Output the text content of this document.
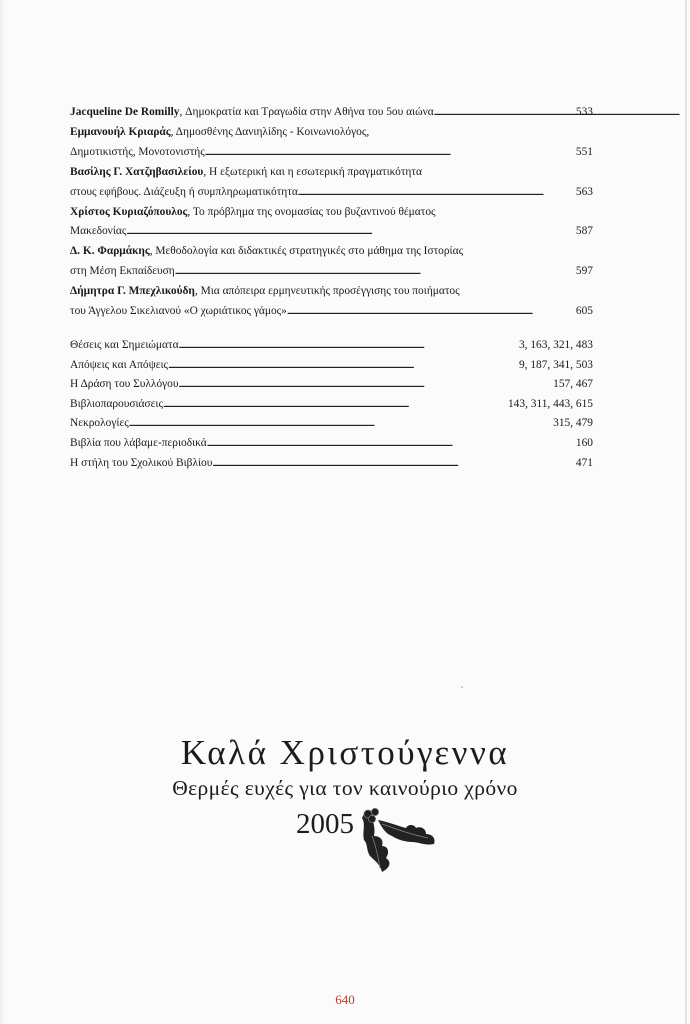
Jacqueline De Romilly, Δημοκρατία και Τραγωδία στην Αθήνα του 5ου αιώνα . . .	533
Εμμανουήλ Κριαράς, Δημοσθένης Δανιηλίδης - Κοινωνιολόγος,
Δημοτικιστής, Μονοτονιστής . . .	551
Βασίλης Γ. Χατζηβασιλείου, Η εξωτερική και η εσωτερική πραγματικότητα
στους εφήβους. Διάζευξη ή συμπληρωματικότητα . . .	563
Χρίστος Κυριαζόπουλος, Το πρόβλημα της ονομασίας του βυζαντινού θέματος
Μακεδονίας . . .	587
Δ. Κ. Φαρμάκης, Μεθοδολογία και διδακτικές στρατηγικές στο μάθημα της Ιστορίας
στη Μέση Εκπαίδευση . . .	597
Δήμητρα Γ. Μπεχλικούδη, Μια απόπειρα ερμηνευτικής προσέγγισης του ποιήματος
του Άγγελου Σικελιανού «Ο χωριάτικος γάμος» . . .	605
Θέσεις και Σημειώματα . . .	3, 163, 321, 483
Απόψεις και Απόψεις . . .	9, 187, 341, 503
Η Δράση του Συλλόγου . . .	157, 467
Βιβλιοπαρουσιάσεις . . .	143, 311, 443, 615
Νεκρολογίες . . .	315, 479
Βιβλία που λάβαμε-περιοδικά . . .	160
Η στήλη του Σχολικού Βιβλίου . . .	471
Καλά Χριστούγεννα
Θερμές ευχές για τον καινούριο χρόνο
2005
640
